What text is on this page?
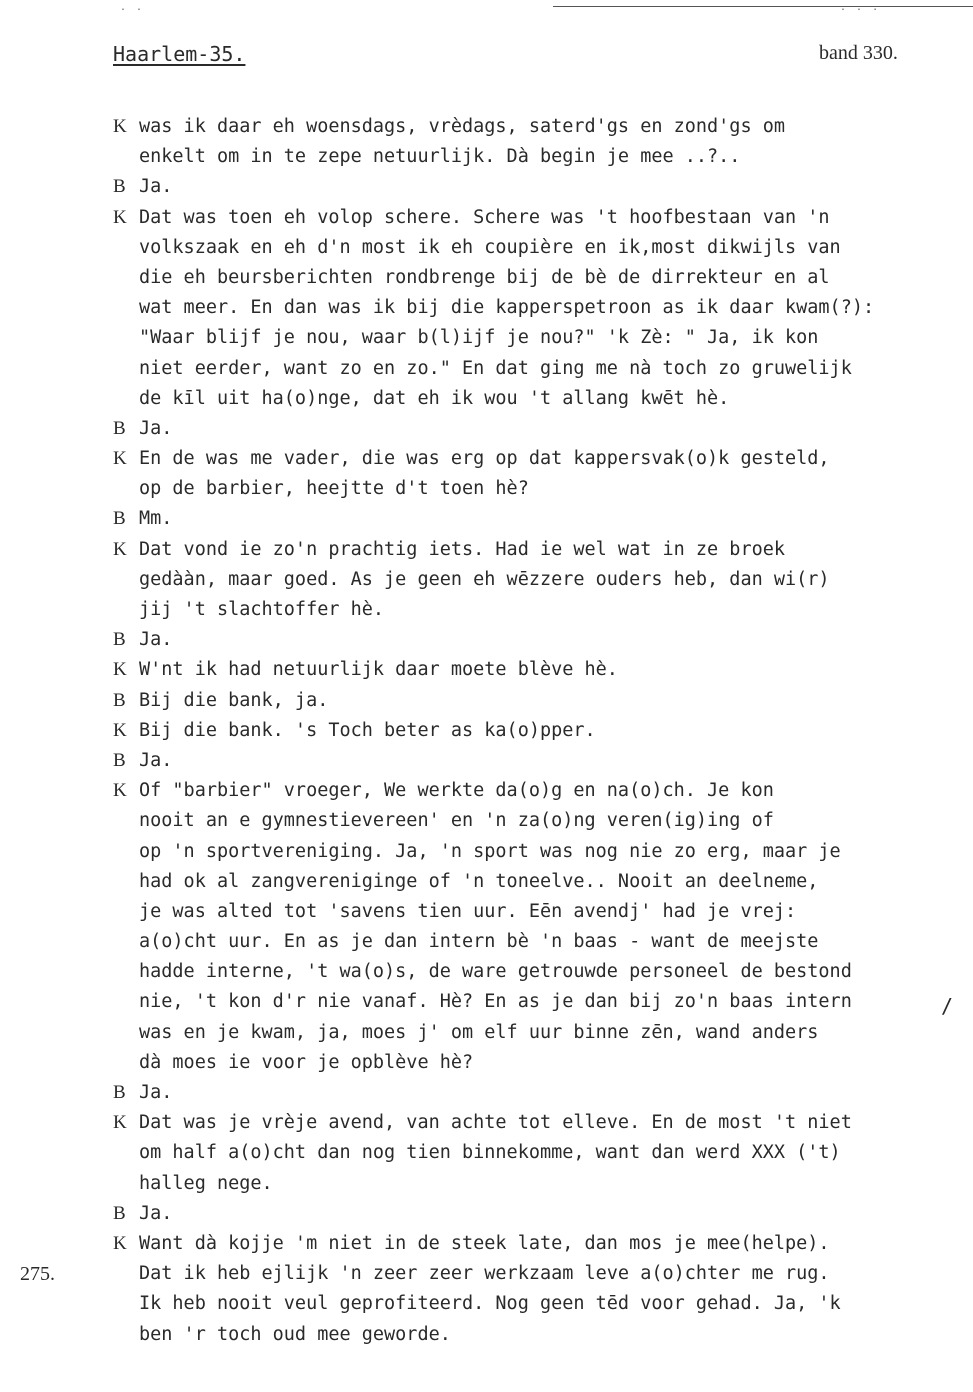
. .	. . .
Haarlem-35.	band 330.
K was ik daar eh woensdags, vrèdags, saterd'gs en zond'gs om
enkelt om in te zepe netuurlijk. Dà begin je mee ..?..
B Ja.
K Dat was toen eh volop schere. Schere was 't hoofbestaan van 'n
volkszaak en eh d'n most ik eh coupière en ik,most dikwijls van
die eh beursberichten rondbrenge bij de bè de dirrekteur en al
wat meer. En dan was ik bij die kapperspetroon as ik daar kwam(?):
"Waar blijf je nou, waar b(l)ijf je nou?" 'k Zè: " Ja, ik kon
niet eerder, want zo en zo." En dat ging me nà toch zo gruwelijk
de kīl uit ha(o)nge, dat eh ik wou 't allang kwēt hè.
B Ja.
K En de was me vader, die was erg op dat kappersvak(o)k gesteld,
op de barbier, heejtte d't toen hè?
B Mm.
K Dat vond ie zo'n prachtig iets. Had ie wel wat in ze broek
gedààn, maar goed. As je geen eh wēzzere ouders heb, dan wi(r)
jij 't slachtoffer hè.
B Ja.
K W'nt ik had netuurlijk daar moete blève hè.
B Bij die bank, ja.
K Bij die bank. 's Toch beter as ka(o)pper.
B Ja.
K Of "barbier" vroeger, We werkte da(o)g en na(o)ch. Je kon
nooit an e gymnestievereen' en 'n za(o)ng veren(ig)ing of
op 'n sportvereniging. Ja, 'n sport was nog nie zo erg, maar je
had ok al zangvereniginge of 'n toneelve.. Nooit an deelneme,
je was alted tot 'savens tien uur. Eēn avendj' had je vrej:
a(o)cht uur. En as je dan intern bè 'n baas - want de meejste
hadde interne, 't wa(o)s, de ware getrouwde personeel de bestond
nie, 't kon d'r nie vanaf. Hè? En as je dan bij zo'n baas intern
was en je kwam, ja, moes j' om elf uur binne zēn, wand anders
dà moes ie voor je opblève hè?
B Ja.
K Dat was je vrèje avend, van achte tot elleve. En de most 't niet
om half a(o)cht dan nog tien binnekomme, want dan werd XXX ('t)
halleg nege.
B Ja.
K Want dà kojje 'm niet in de steek late, dan mos je mee(helpe).
Dat ik heb ejlijk 'n zeer zeer werkzaam leve a(o)chter me rug.
Ik heb nooit veul geprofiteerd. Nog geen tēd voor gehad. Ja, 'k
ben 'r toch oud mee geworde.
275.
/
